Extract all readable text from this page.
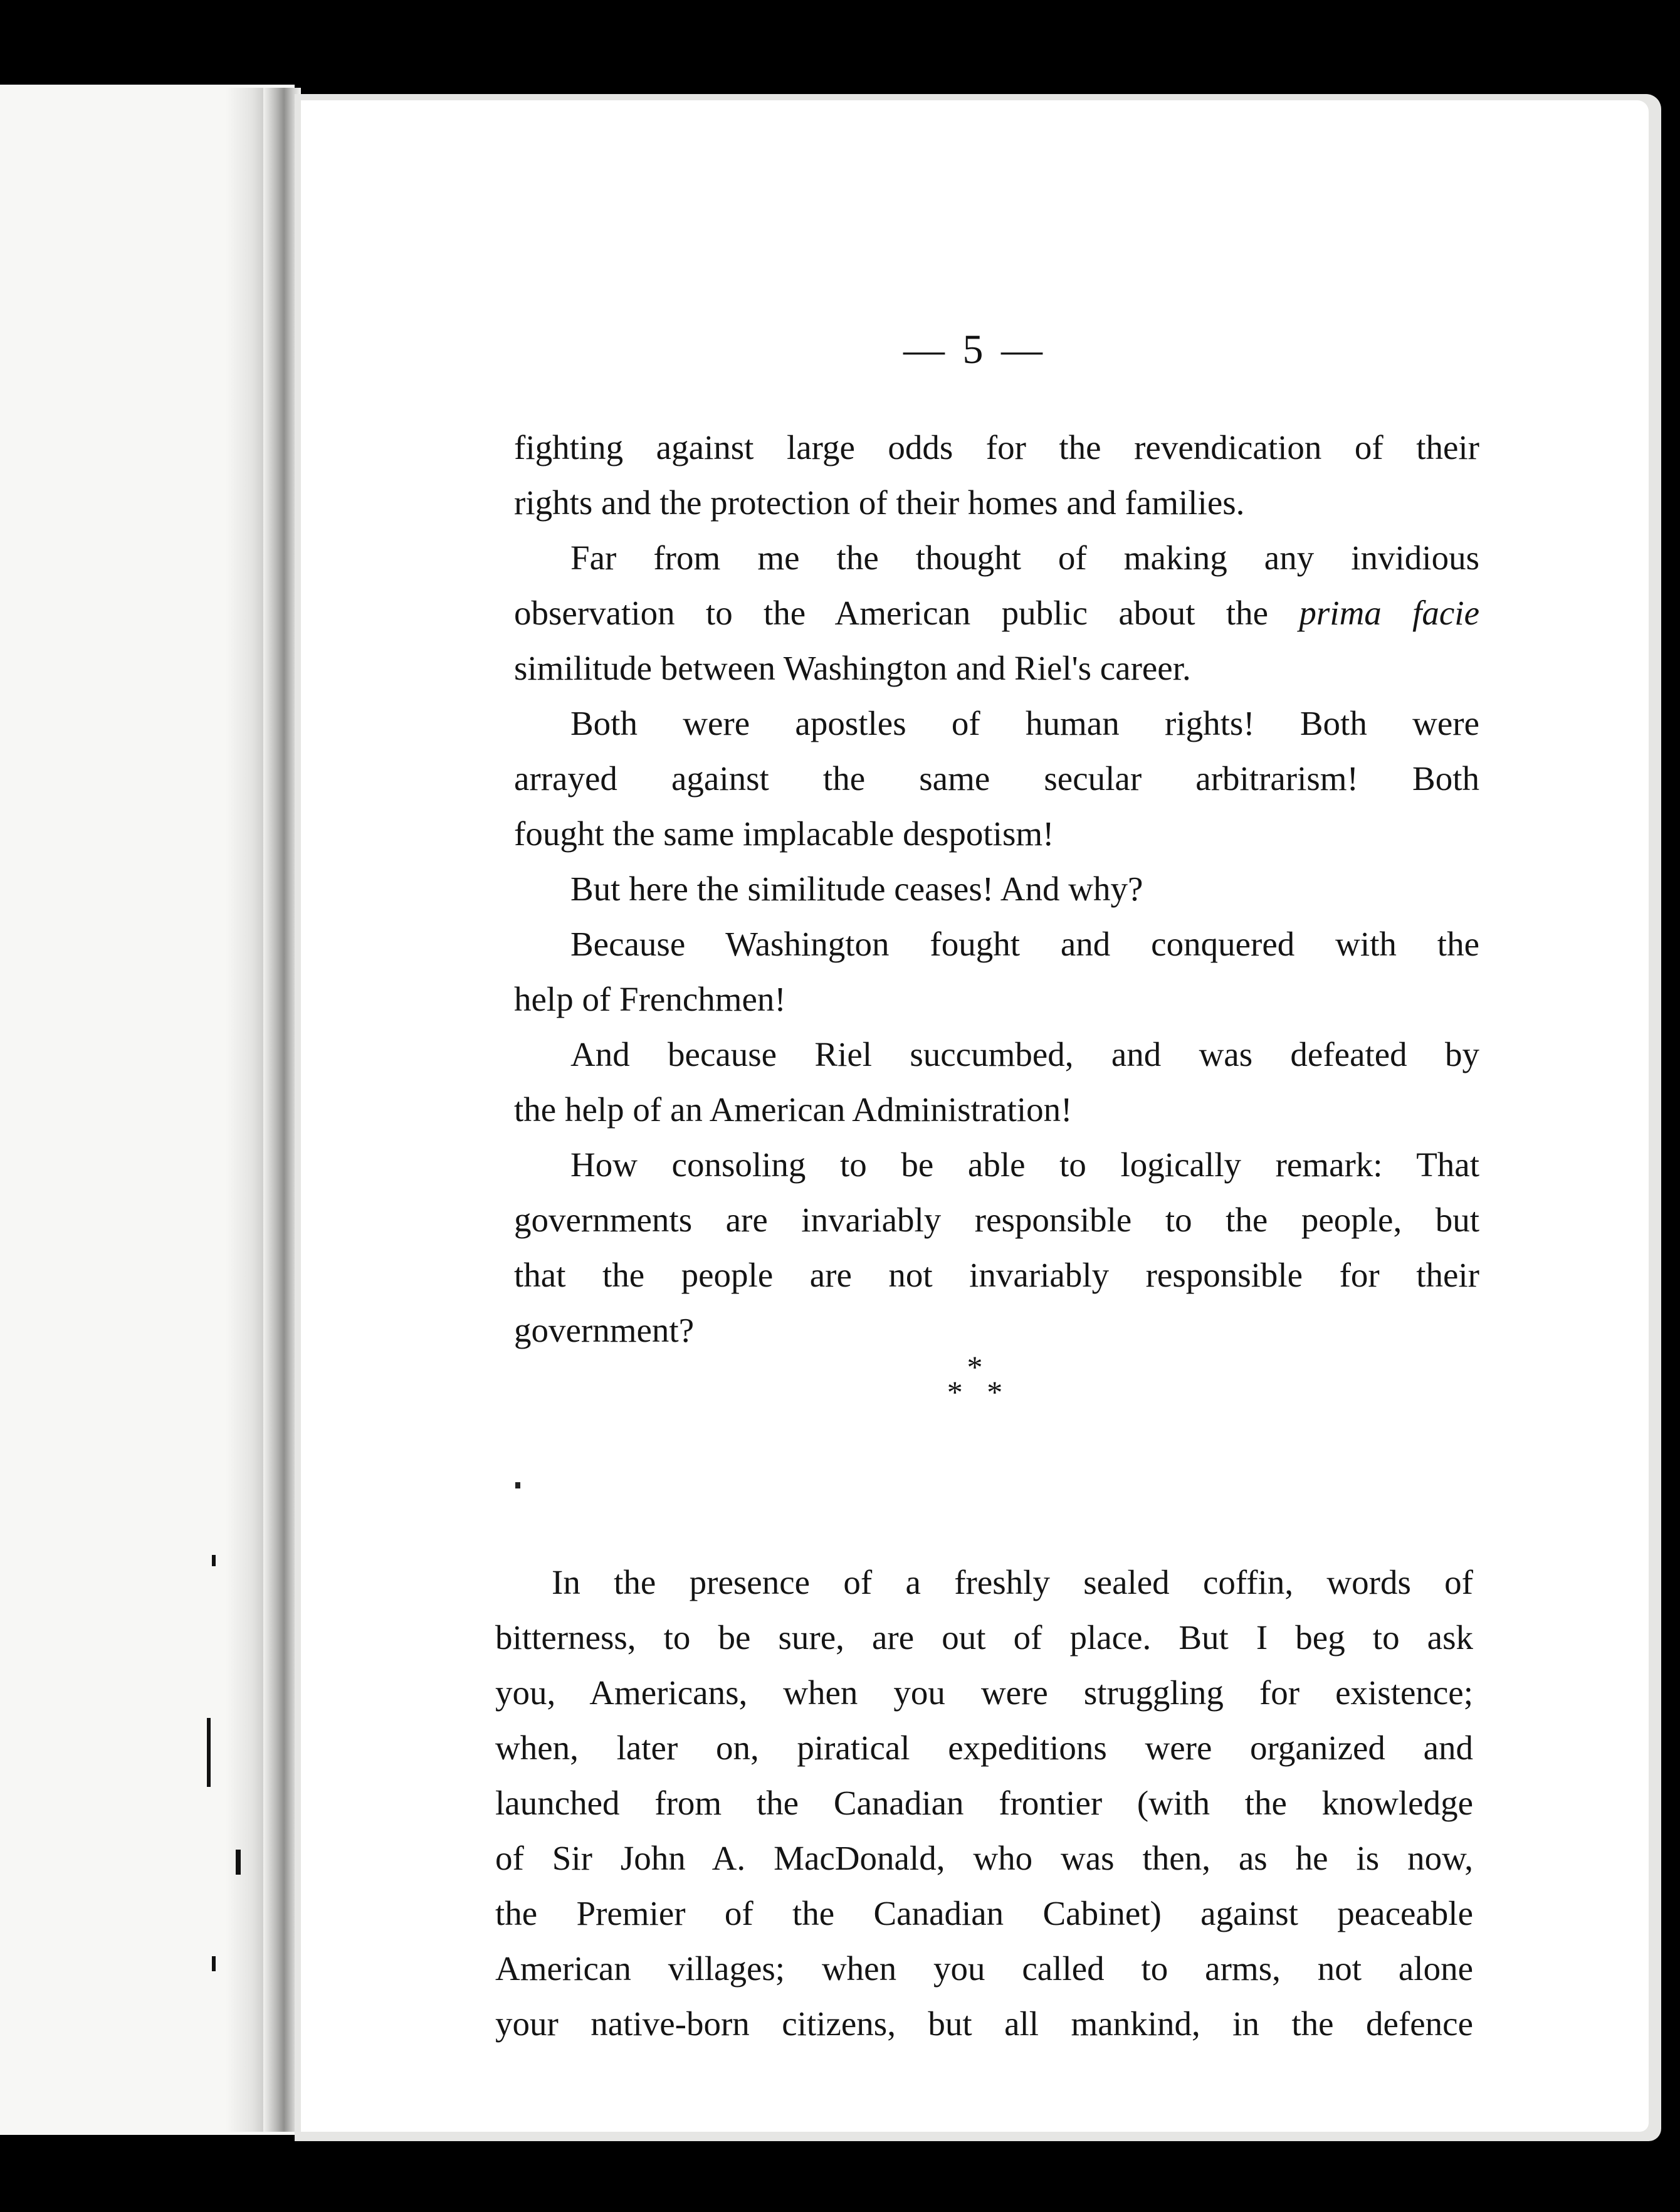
— 5 —
fighting against large odds for the revendication of their
rights and the protection of their homes and families.
Far from me the thought of making any invidious
observation to the American public about the prima facie
similitude between Washington and Riel's career.
Both were apostles of human rights! Both were
arrayed against the same secular arbitrarism! Both
fought the same implacable despotism!
But here the similitude ceases! And why?
Because Washington fought and conquered with the
help of Frenchmen!
And because Riel succumbed, and was defeated by
the help of an American Administration!
How consoling to be able to logically remark: That
governments are invariably responsible to the people, but
that the people are not invariably responsible for their
government?
*
* *
In the presence of a freshly sealed coffin, words of
bitterness, to be sure, are out of place. But I beg to ask
you, Americans, when you were struggling for existence;
when, later on, piratical expeditions were organized and
launched from the Canadian frontier (with the knowledge
of Sir John A. MacDonald, who was then, as he is now,
the Premier of the Canadian Cabinet) against peaceable
American villages; when you called to arms, not alone
your native-born citizens, but all mankind, in the defence
